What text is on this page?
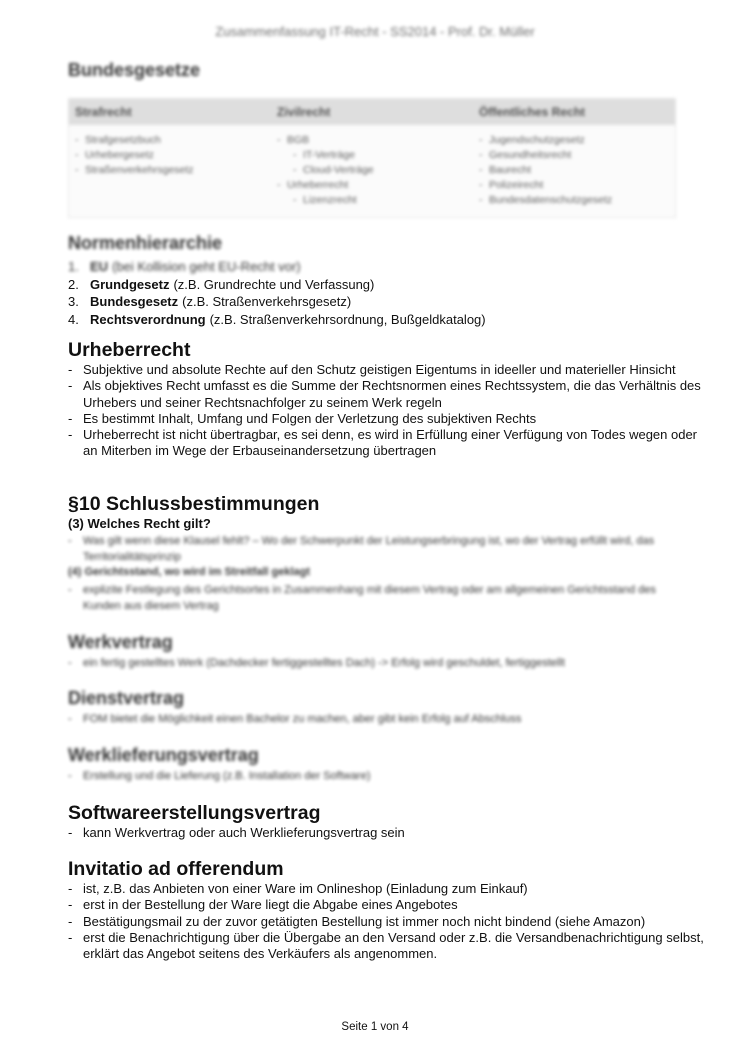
Zusammenfassung IT-Recht - SS2014 - Prof. Dr. Müller
Bundesgesetze
Strafrecht	Zivilrecht	Öffentliches Recht
- Strafgesetzbuch
- Urhebergesetz
- Straßenverkehrsgesetz
- BGB
- IT-Verträge
- Cloud-Verträge
- Urheberrecht
- Lizenzrecht
- Jugendschutzgesetz
- Gesundheitsrecht
- Baurecht
- Polizeirecht
- Bundesdatenschutzgesetz
Normenhierarchie
1. EU (bei Kollision geht EU-Recht vor)
2. Grundgesetz (z.B. Grundrechte und Verfassung)
3. Bundesgesetz (z.B. Straßenverkehrsgesetz)
4. Rechtsverordnung (z.B. Straßenverkehrsordnung, Bußgeldkatalog)
Urheberrecht
- Subjektive und absolute Rechte auf den Schutz geistigen Eigentums in ideeller und materieller Hinsicht
- Als objektives Recht umfasst es die Summe der Rechtsnormen eines Rechtssystem, die das Verhältnis des Urhebers und seiner Rechtsnachfolger zu seinem Werk regeln
- Es bestimmt Inhalt, Umfang und Folgen der Verletzung des subjektiven Rechts
- Urheberrecht ist nicht übertragbar, es sei denn, es wird in Erfüllung einer Verfügung von Todes wegen oder an Miterben im Wege der Erbauseinandersetzung übertragen
§10 Schlussbestimmungen
(3) Welches Recht gilt?
- Was gilt wenn diese Klausel fehlt? – Wo der Schwerpunkt der Leistungserbringung ist, wo der Vertrag erfüllt wird, das Territorialitätsprinzip
(4) Gerichtsstand, wo wird im Streitfall geklagt
- explizite Festlegung des Gerichtsortes in Zusammenhang mit diesem Vertrag oder am allgemeinen Gerichtsstand des Kunden aus diesem Vertrag
Werkvertrag
- ein fertig gestelltes Werk (Dachdecker fertiggestelltes Dach) -> Erfolg wird geschuldet, fertiggestellt
Dienstvertrag
- FOM bietet die Möglichkeit einen Bachelor zu machen, aber gibt kein Erfolg auf Abschluss
Werklieferungsvertrag
- Erstellung und die Lieferung (z.B. Installation der Software)
Softwareerstellungsvertrag
- kann Werkvertrag oder auch Werklieferungsvertrag sein
Invitatio ad offerendum
- ist, z.B. das Anbieten von einer Ware im Onlineshop (Einladung zum Einkauf)
- erst in der Bestellung der Ware liegt die Abgabe eines Angebotes
- Bestätigungsmail zu der zuvor getätigten Bestellung ist immer noch nicht bindend (siehe Amazon)
- erst die Benachrichtigung über die Übergabe an den Versand oder z.B. die Versandbenachrichtigung selbst, erklärt das Angebot seitens des Verkäufers als angenommen.
Seite 1 von 4
